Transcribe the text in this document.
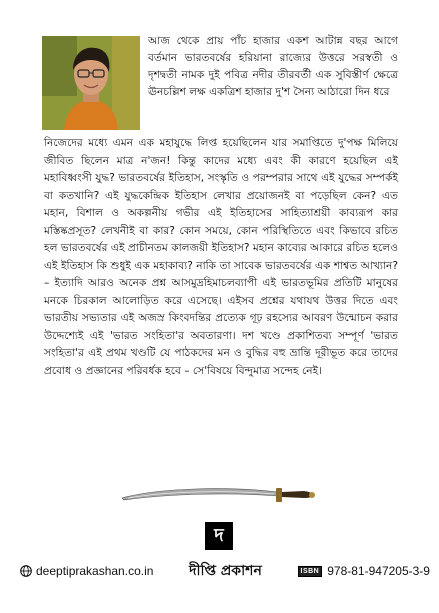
আজ থেকে প্রায় পাঁচ হাজার একশ আটান্ন বছর আগে বর্তমান ভারতবর্ষের হরিয়ানা রাজ্যের উত্তরে সরস্বতী ও দৃশদ্বতী নামক দুই পবিত্র নদীর তীরবর্তী এক সুবিস্তীর্ণ ক্ষেত্রে ঊনচল্লিশ লক্ষ একত্রিশ হাজার দু'শ সৈন্য আঠারো দিন ধরে
নিজেদের মধ্যে এমন এক মহাযুদ্ধে লিপ্ত হয়েছিলেন যার সমাপ্তিতে দু'পক্ষ মিলিয়ে জীবিত ছিলেন মাত্র ন'জন! কিন্তু কাদের মধ্যে এবং কী কারণে হয়েছিল এই মহাবিধ্বংসী যুদ্ধ? ভারতবর্ষের ইতিহাস, সংস্কৃতি ও পরম্পরার সাথে এই যুদ্ধের সম্পর্কই বা কতখানি? এই যুদ্ধকেন্দ্রিক ইতিহাস লেখার প্রয়োজনই বা পড়েছিল কেন? এত মহান, বিশাল ও অকল্পনীয় গভীর এই ইতিহাসের সাহিত্যাশ্রয়ী কাব্যরূপ কার মস্তিষ্কপ্রসূত? লেখনীই বা কার? কোন সময়ে, কোন পরিস্থিতিতে এবং কিভাবে রচিত হল ভারতবর্ষের এই প্রাচীনতম কালজয়ী ইতিহাস? মহান কাব্যের আকারে রচিত হলেও এই ইতিহাস কি শুধুই এক মহাকাব্য? নাকি তা সাবেক ভারতবর্ষের এক শাশ্বত আখ্যান? – ইত্যাদি আরও অনেক প্রশ্ন আসমুদ্রহিমাচলব্যাপী এই ভারতভূমির প্রতিটি মানুষের মনকে চিরকাল আলোড়িত করে এসেছে। এইসব প্রশ্নের যথাযথ উত্তর দিতে এবং ভারতীয় সভ্যতার এই অজস্র কিংবদন্তির প্রত্যেক গূঢ় রহস্যের আবরণ উন্মোচন করার উদ্দেশ্যেই এই 'ভারত সংহিতা'র অবতারণা। দশ খণ্ডে প্রকাশিতব্য সম্পূর্ণ 'ভারত সংহিতা'র এই প্রথম খণ্ডটি যে পাঠকদের মন ও বুদ্ধির বহু ভ্রান্তি দূরীভূত করে তাদের প্রবোধ ও প্রজ্ঞানের পরিবর্ধক হবে – সে'বিষয়ে বিন্দুমাত্র সন্দেহ নেই।
দ
deeptiprakashan.co.in	দীপ্তি প্রকাশন	ISBN 978-81-947205-3-9
